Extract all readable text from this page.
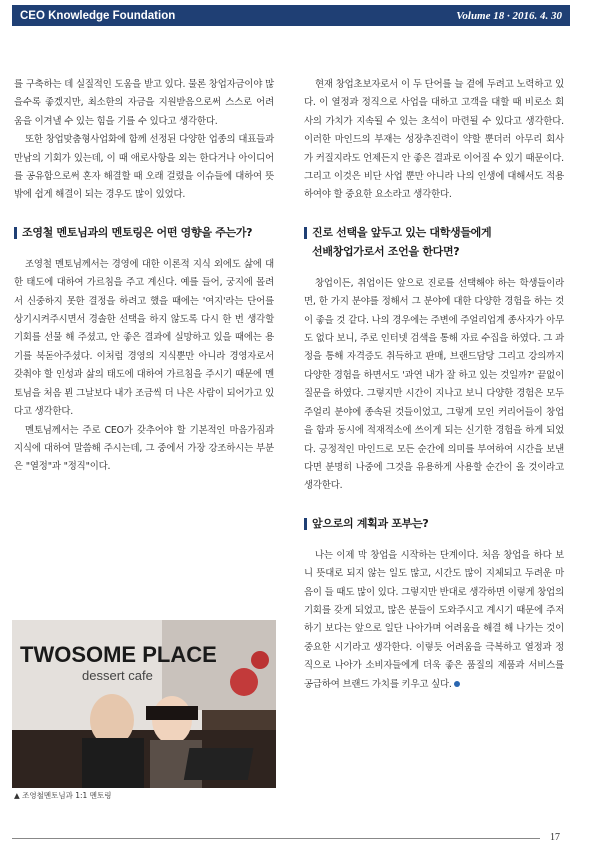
CEO Knowledge Foundation	Volume 18 · 2016. 4. 30

를 구축하는 데 실질적인 도움을 받고 있다. 물론 창업자금이야 많을수록 좋겠지만, 최소한의 자금을 지원받음으로써 스스로 어려움을 이겨낼 수 있는 힘을 기를 수 있다고 생각한다.

또한 창업맞춤형사업화에 함께 선정된 다양한 업종의 대표들과 만남의 기회가 있는데, 이 때 애로사항을 외는 한다거나 아이디어를 공유함으로써 혼자 해결할 때 오래 걸렸을 이슈들에 대하여 뜻밖에 쉽게 해결이 되는 경우도 많이 있었다.

조영철 멘토님과의 멘토링은 어떤 영향을 주는가?

조영철 멘토님께서는 경영에 대한 이론적 지식 외에도 삶에 대한 태도에 대하여 가르침을 주고 계신다. 예를 들어, 궁지에 몰려서 신중하지 못한 결정을 하려고 했을 때에는 '여지'라는 단어를 상기시켜주시면서 경솔한 선택을 하지 않도록 다시 한 번 생각할 기회를 선물 해 주셨고, 안 좋은 결과에 실망하고 있을 때에는 용기를 북돋아주셨다. 이처럼 경영의 지식뿐만 아니라 경영자로서 갖춰야 할 인성과 삶의 태도에 대하여 가르침을 주시기 때문에 멘토님을 처음 뵌 그날보다 내가 조금씩 더 나은 사람이 되어가고 있다고 생각한다.

멘토님께서는 주로 CEO가 갖추어야 할 기본적인 마음가짐과 지식에 대하여 말씀해 주시는데, 그 중에서 가장 강조하시는 부분은 "열정"과 "정직"이다.

TWOSOME PLACE
dessert cafe
▲ 조영철멘토님과 1:1 멘토링

현재 창업초보자로서 이 두 단어를 늘 곁에 두려고 노력하고 있다. 이 열정과 정직으로 사업을 대하고 고객을 대할 때 비로소 회사의 가치가 지속될 수 있는 초석이 마련될 수 있다고 생각한다. 이러한 마인드의 부재는 성장추진력이 약할 뿐더러 아무리 회사가 커질지라도 언제든지 안 좋은 결과로 이어질 수 있기 때문이다. 그리고 이것은 비단 사업 뿐만 아니라 나의 인생에 대해서도 적용하여야 할 중요한 요소라고 생각한다.

진로 선택을 앞두고 있는 대학생들에게
선배창업가로서 조언을 한다면?

창업이든, 취업이든 앞으로 진로를 선택해야 하는 학생들이라면, 한 가지 분야를 정해서 그 분야에 대한 다양한 경험을 하는 것이 좋을 것 같다. 나의 경우에는 주변에 주얼리업계 종사자가 아무도 없다 보니, 주로 인터넷 검색을 통해 자료 수집을 하였다. 그 과정을 통해 자격증도 취득하고 판매, 브랜드담당 그리고 강의까지 다양한 경험을 하면서도 '과연 내가 잘 하고 있는 것일까?' 끝없이 질문을 하였다. 그렇지만 시간이 지나고 보니 다양한 경험은 모두 주얼리 분야에 종속된 것들이었고, 그렇게 모인 커리어들이 창업을 함과 동시에 적재적소에 쓰이게 되는 신기한 경험을 하게 되었다. 긍정적인 마인드로 모든 순간에 의미를 부여하여 시간을 보낸다면 분명히 나중에 그것을 유용하게 사용할 순간이 올 것이라고 생각한다.

앞으로의 계획과 포부는?

나는 이제 막 창업을 시작하는 단계이다. 처음 창업을 하다 보니 뜻대로 되지 않는 일도 많고, 시간도 많이 지체되고 두려운 마음이 들 때도 많이 있다. 그렇지만 반대로 생각하면 이렇게 창업의 기회를 갖게 되었고, 많은 분들이 도와주시고 계시기 때문에 주저하기 보다는 앞으로 일단 나아가며 어려움을 해결 해 나가는 것이 중요한 시기라고 생각한다. 이렇듯 어려움을 극복하고 열정과 정직으로 나아가 소비자들에게 더욱 좋은 품질의 제품과 서비스를 공급하여 브랜드 가치를 키우고 싶다.

17
